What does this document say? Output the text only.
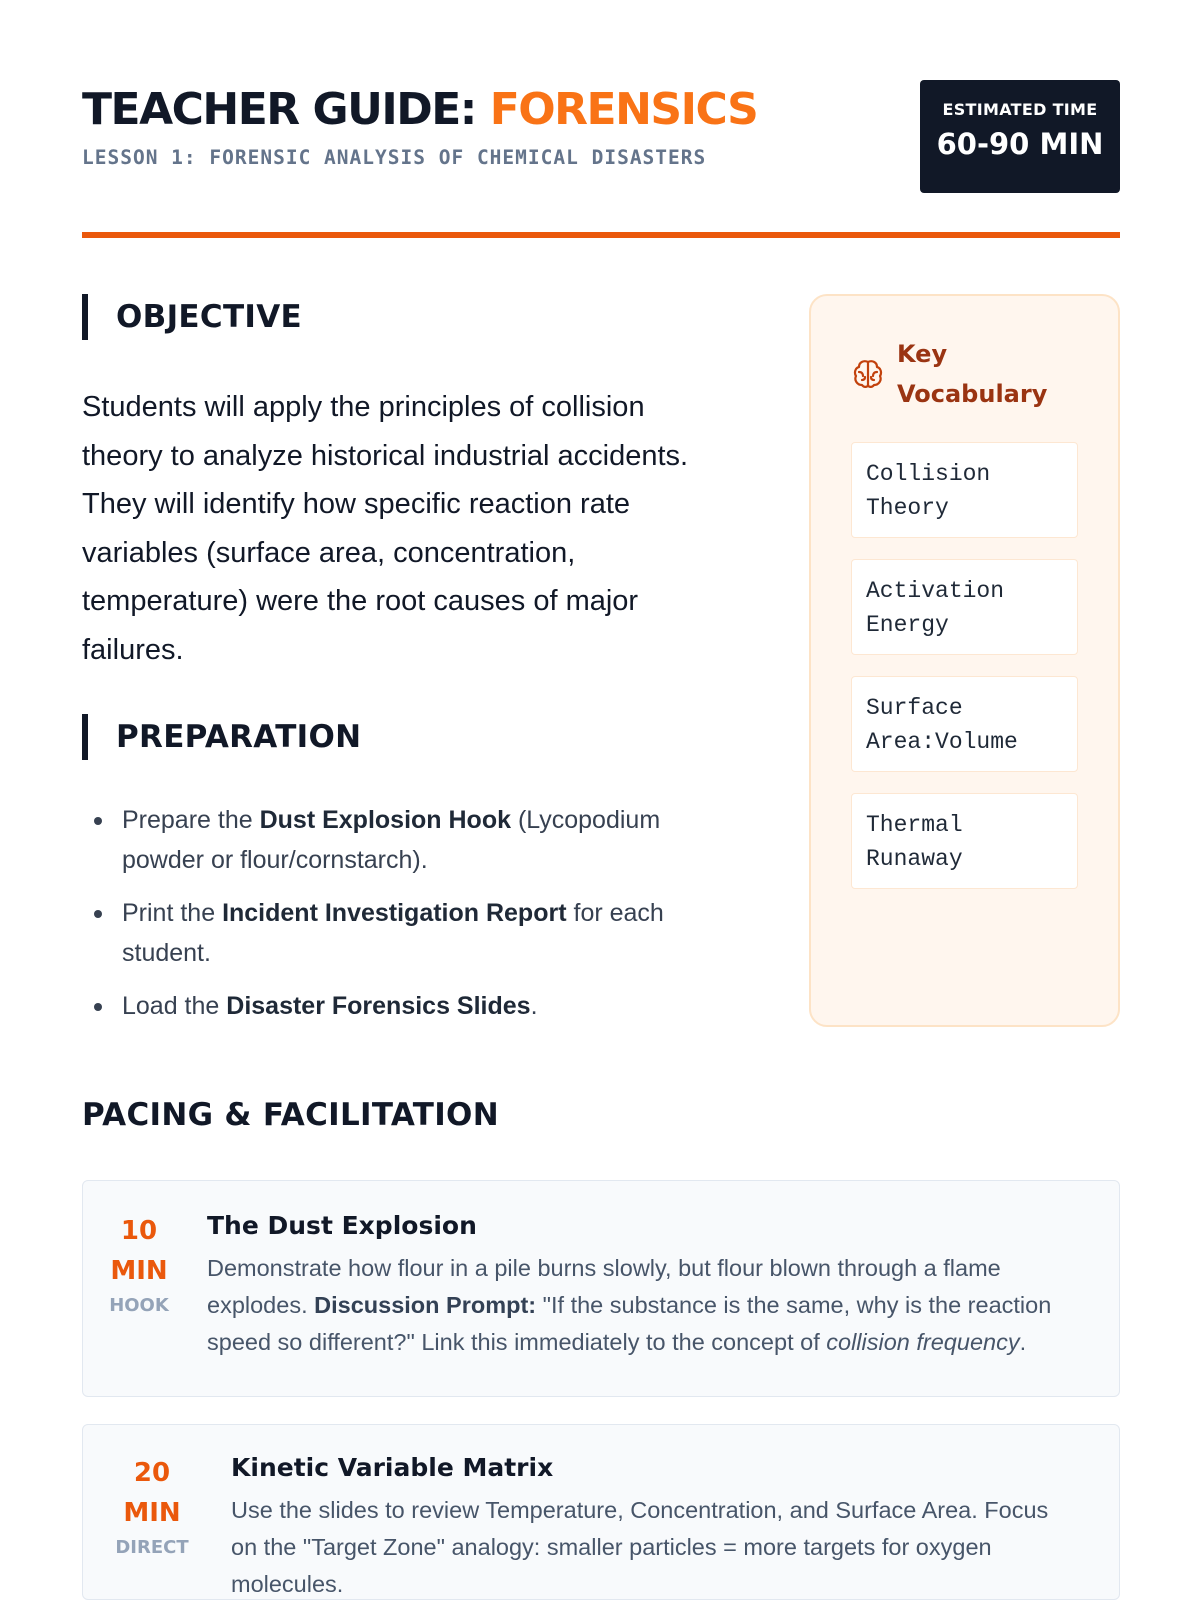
TEACHER GUIDE: FORENSICS
LESSON 1: FORENSIC ANALYSIS OF CHEMICAL DISASTERS
ESTIMATED TIME
60-90 MIN
OBJECTIVE

Students will apply the principles of collision theory to analyze historical industrial accidents. They will identify how specific reaction rate variables (surface area, concentration, temperature) were the root causes of major failures.

PREPARATION
Prepare the Dust Explosion Hook (Lycopodium powder or flour/cornstarch).
Print the Incident Investigation Report for each student.
Load the Disaster Forensics Slides.
Key Vocabulary
Collision Theory
Activation Energy
Surface Area:Volume
Thermal Runaway
PACING & FACILITATION
10
MIN
HOOK
The Dust Explosion

Demonstrate how flour in a pile burns slowly, but flour blown through a flame explodes. Discussion Prompt: "If the substance is the same, why is the reaction speed so different?" Link this immediately to the concept of collision frequency.

20
MIN
DIRECT
Kinetic Variable Matrix

Use the slides to review Temperature, Concentration, and Surface Area. Focus on the "Target Zone" analogy: smaller particles = more targets for oxygen molecules.
